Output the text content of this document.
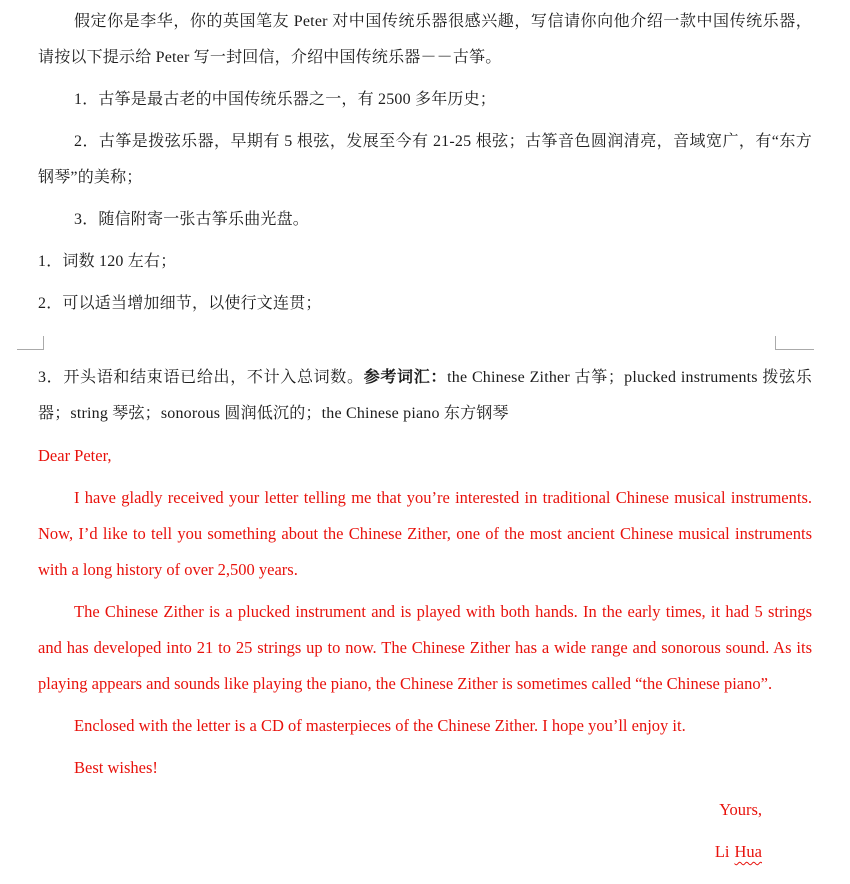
假定你是李华，你的英国笔友 Peter 对中国传统乐器很感兴趣，写信请你向他介绍一款中国传统乐器，请按以下提示给 Peter 写一封回信，介绍中国传统乐器－－古筝。

1．古筝是最古老的中国传统乐器之一，有 2500 多年历史；

2．古筝是拨弦乐器，早期有 5 根弦，发展至今有 21-25 根弦；古筝音色圆润清亮，音域宽广，有“东方钢琴”的美称；

3．随信附寄一张古筝乐曲光盘。

1．词数 120 左右；

2．可以适当增加细节，以使行文连贯；

3．开头语和结束语已给出，不计入总词数。参考词汇：the Chinese Zither 古筝；plucked instruments 拨弦乐器；string 琴弦；sonorous 圆润低沉的；the Chinese piano 东方钢琴

Dear Peter,

I have gladly received your letter telling me that you’re interested in traditional Chinese musical instruments. Now, I’d like to tell you something about the Chinese Zither, one of the most ancient Chinese musical instruments with a long history of over 2,500 years.

The Chinese Zither is a plucked instrument and is played with both hands. In the early times, it had 5 strings and has developed into 21 to 25 strings up to now. The Chinese Zither has a wide range and sonorous sound. As its playing appears and sounds like playing the piano, the Chinese Zither is sometimes called “the Chinese piano”.

Enclosed with the letter is a CD of masterpieces of the Chinese Zither. I hope you’ll enjoy it.

Best wishes!

Yours,

Li Hua
